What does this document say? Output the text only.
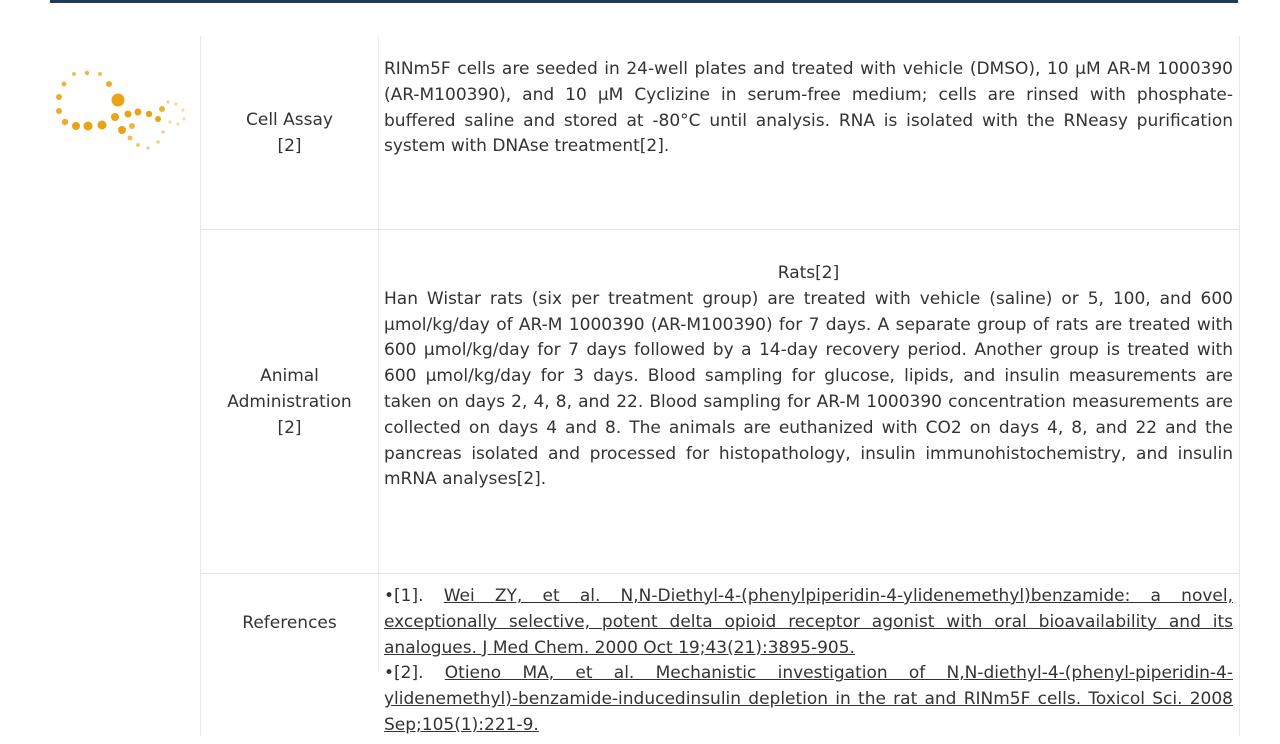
Cell Assay
[2]
RINm5F cells are seeded in 24-well plates and treated with vehicle (DMSO), 10 µM AR-M 1000390 (AR-M100390), and 10 µM Cyclizine in serum-free medium; cells are rinsed with phosphate-buffered saline and stored at -80°C until analysis. RNA is isolated with the RNeasy purification system with DNAse treatment[2].
Animal
Administration
[2]
Rats[2]
Han Wistar rats (six per treatment group) are treated with vehicle (saline) or 5, 100, and 600 µmol/kg/day of AR-M 1000390 (AR-M100390) for 7 days. A separate group of rats are treated with 600 µmol/kg/day for 7 days followed by a 14-day recovery period. Another group is treated with 600 µmol/kg/day for 3 days. Blood sampling for glucose, lipids, and insulin measurements are taken on days 2, 4, 8, and 22. Blood sampling for AR-M 1000390 concentration measurements are collected on days 4 and 8. The animals are euthanized with CO2 on days 4, 8, and 22 and the pancreas isolated and processed for histopathology, insulin immunohistochemistry, and insulin mRNA analyses[2].
References

•[1]. Wei ZY, et al. N,N-Diethyl-4-(phenylpiperidin-4-ylidenemethyl)benzamide: a novel, exceptionally selective, potent delta opioid receptor agonist with oral bioavailability and its analogues. J Med Chem. 2000 Oct 19;43(21):3895-905.

•[2]. Otieno MA, et al. Mechanistic investigation of N,N-diethyl-4-(phenyl-piperidin-4-ylidenemethyl)-benzamide-inducedinsulin depletion in the rat and RINm5F cells. Toxicol Sci. 2008 Sep;105(1):221-9.
